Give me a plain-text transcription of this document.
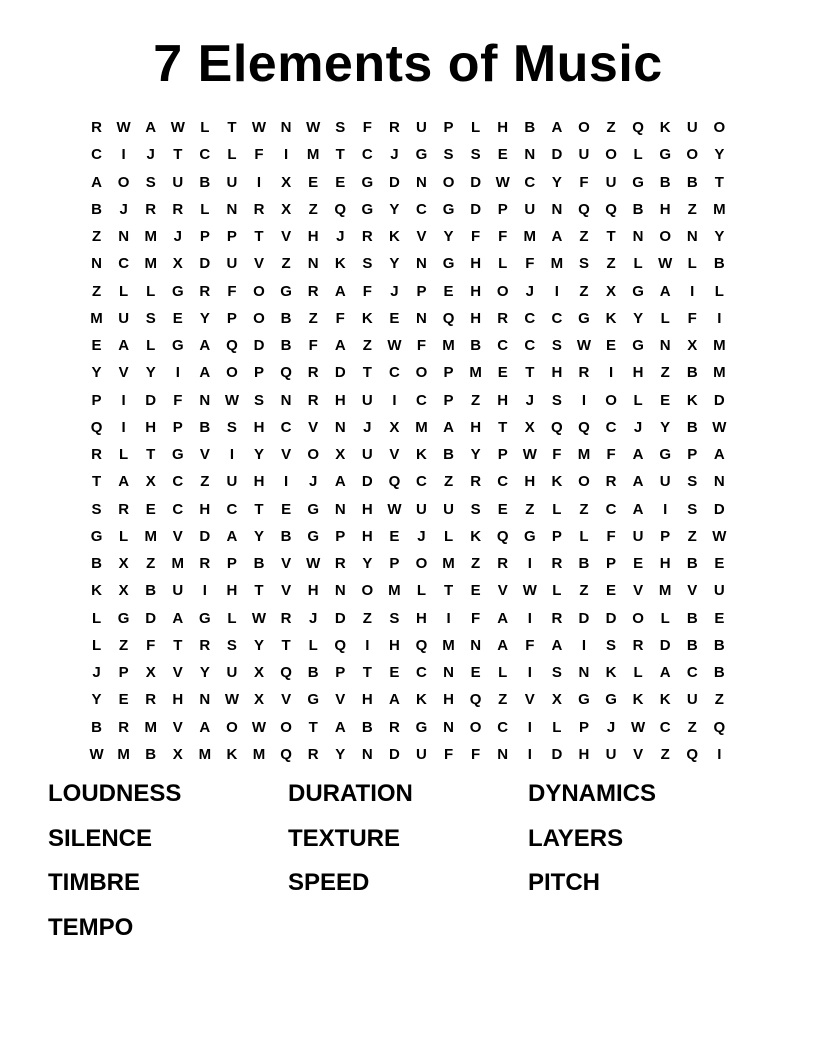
7 Elements of Music
R W A W	L	T	W N W S	F	R	U	P	L	H	B	A	O	Z	Q	K	U	O
C	I	J	T	C	L	F	I	M	T	C	J	G	S	S	E	N	D	U	O	L	G	O	Y
A	O	S	U	B	U	I	X	E	E	G	D	N	O	D W C	Y	F	U	G	B	B	T
B	J	R	R	L	N	R	X	Z	Q	G	Y	C	G	D	P	U	N	Q	Q	B	H	Z	M
Z	N	M	J	P	P	T	V	H	J	R	K	V	Y	F	F	M	A	Z	T	N	O	N	Y
N	C	M	X	D	U	V	Z	N	K	S	Y	N	G	H	L	F	M	S	Z	L	W	L	B
Z	L	L	G	R	F	O	G	R	A	F	J	P	E	H	O	J	I	Z	X	G	A	I	L
M	U	S	E	Y	P	O	B	Z	F	K	E	N	Q	H	R	C	C	G	K	Y	L	F	I
E	A	L	G	A	Q	D	B	F	A	Z	W	F	M	B	C	C	S W E	G	N	X	M
Y	V	Y	I	A	O	P	Q	R	D	T	C	O	P	M	E	T	H	R	I	H	Z	B	M
P	I	D	F	N W S	N	R	H	U	I	C	P	Z	H	J	S	I	O	L	E	K	D
Q	I	H	P	B	S	H	C	V	N	J	X	M	A	H	T	X	Q	Q	C	J	Y	B W
R	L	T	G	V	I	Y	V	O	X	U	V	K	B	Y	P W	F	M	F	A	G	P	A
T	A	X	C	Z	U	H	I	J	A	D	Q	C	Z	R	C	H	K	O	R	A	U	S	N
S	R	E	C	H	C	T	E	G	N	H W U	U	S	E	Z	L	Z	C	A	I	S	D
G	L	M	V	D	A	Y	B	G	P	H	E	J	L	K	Q	G	P	L	F	U	P	Z	W
B	X	Z	M	R	P	B	V W R	Y	P	O M	Z	R	I	R	B	P	E	H	B	E
K	X	B	U	I	H	T	V	H	N	O M	L	T	E	V W	L	Z	E	V	M	V	U
L	G	D	A	G	L	W R	J	D	Z	S	H	I	F	A	I	R	D	D	O	L	B	E
L	Z	F	T	R	S	Y	T	L	Q	I	H	Q M	N	A	F	A	I	S	R	D	B	B
J	P	X	V	Y	U	X	Q	B	P	T	E	C	N	E	L	I	S	N	K	L	A	C	B
Y	E	R	H	N W X	V	G	V	H	A	K	H	Q	Z	V	X	G	G	K	K	U	Z
B	R	M	V	A	O W O	T	A	B	R	G	N	O	C	I	L	P	J	W C	Z	Q
W M	B	X	M	K	M	Q	R	Y	N	D	U	F	F	N	I	D	H	U	V	Z	Q	I
LOUDNESS	DURATION	DYNAMICS
SILENCE	TEXTURE	LAYERS
TIMBRE	SPEED	PITCH
TEMPO
